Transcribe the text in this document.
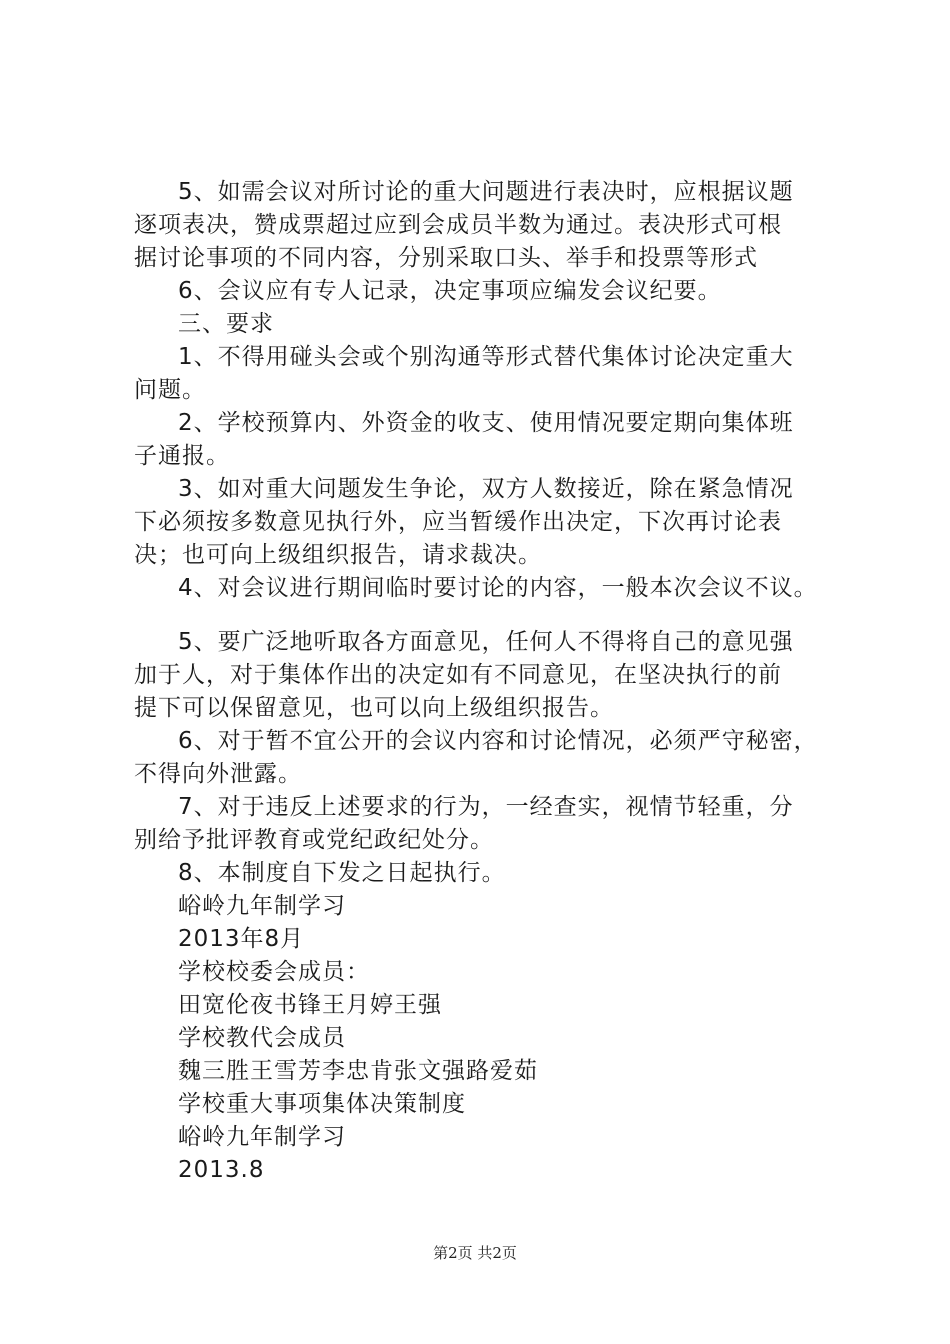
5、如需会议对所讨论的重大问题进行表决时，应根据议题
逐项表决，赞成票超过应到会成员半数为通过。表决形式可根
据讨论事项的不同内容，分别采取口头、举手和投票等形式
6、会议应有专人记录，决定事项应编发会议纪要。
三、要求
1、不得用碰头会或个别沟通等形式替代集体讨论决定重大
问题。
2、学校预算内、外资金的收支、使用情况要定期向集体班
子通报。
3、如对重大问题发生争论，双方人数接近，除在紧急情况
下必须按多数意见执行外，应当暂缓作出决定，下次再讨论表
决；也可向上级组织报告，请求裁决。
4、对会议进行期间临时要讨论的内容，一般本次会议不议。
5、要广泛地听取各方面意见，任何人不得将自己的意见强
加于人，对于集体作出的决定如有不同意见，在坚决执行的前
提下可以保留意见，也可以向上级组织报告。
6、对于暂不宜公开的会议内容和讨论情况，必须严守秘密，
不得向外泄露。
7、对于违反上述要求的行为，一经查实，视情节轻重，分
别给予批评教育或党纪政纪处分。
8、本制度自下发之日起执行。
峪岭九年制学习
2013年8月
学校校委会成员：
田宽伦夜书锋王月婷王强
学校教代会成员
魏三胜王雪芳李忠肯张文强路爱茹
学校重大事项集体决策制度
峪岭九年制学习
2013.8
第2页 共2页
